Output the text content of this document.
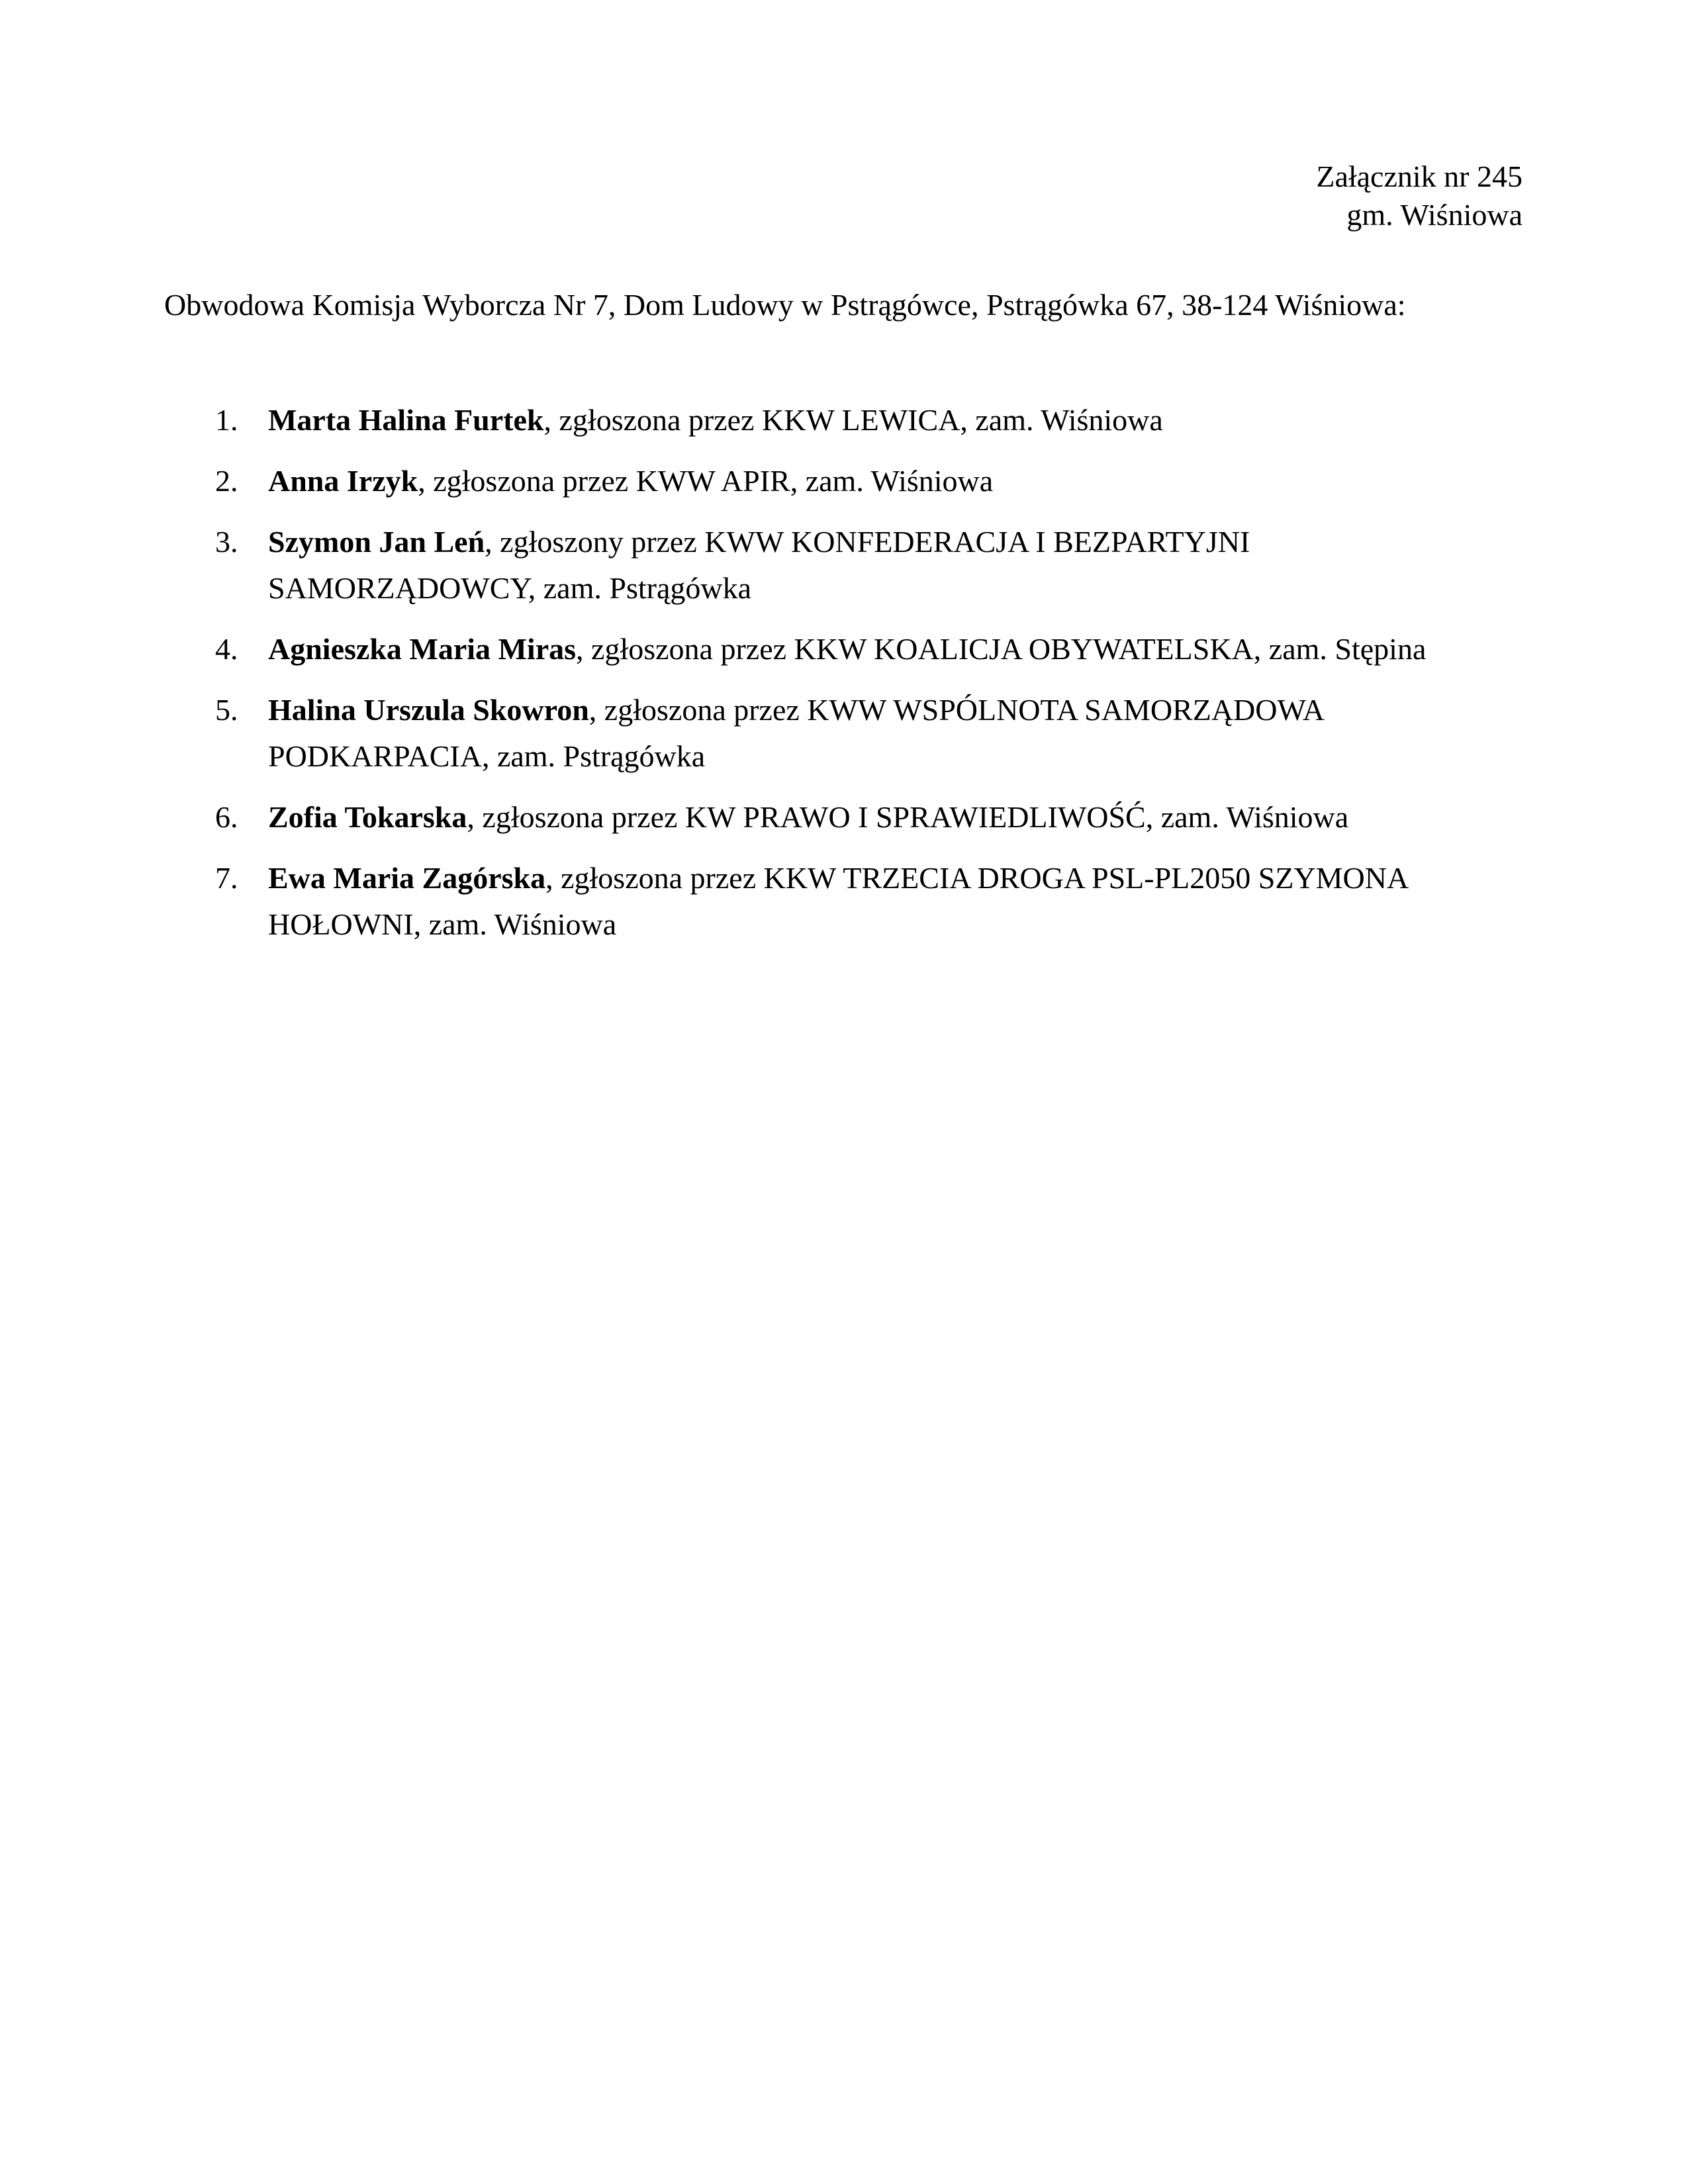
Załącznik nr 245
gm. Wiśniowa
Obwodowa Komisja Wyborcza Nr 7, Dom Ludowy w Pstrągówce, Pstrągówka 67, 38-124 Wiśniowa:
1. Marta Halina Furtek, zgłoszona przez KKW LEWICA, zam. Wiśniowa
2. Anna Irzyk, zgłoszona przez KWW APIR, zam. Wiśniowa
3. Szymon Jan Leń, zgłoszony przez KWW KONFEDERACJA I BEZPARTYJNI SAMORZĄDOWCY, zam. Pstrągówka
4. Agnieszka Maria Miras, zgłoszona przez KKW KOALICJA OBYWATELSKA, zam. Stępina
5. Halina Urszula Skowron, zgłoszona przez KWW WSPÓLNOTA SAMORZĄDOWA PODKARPACIA, zam. Pstrągówka
6. Zofia Tokarska, zgłoszona przez KW PRAWO I SPRAWIEDLIWOŚĆ, zam. Wiśniowa
7. Ewa Maria Zagórska, zgłoszona przez KKW TRZECIA DROGA PSL-PL2050 SZYMONA HOŁOWNI, zam. Wiśniowa
